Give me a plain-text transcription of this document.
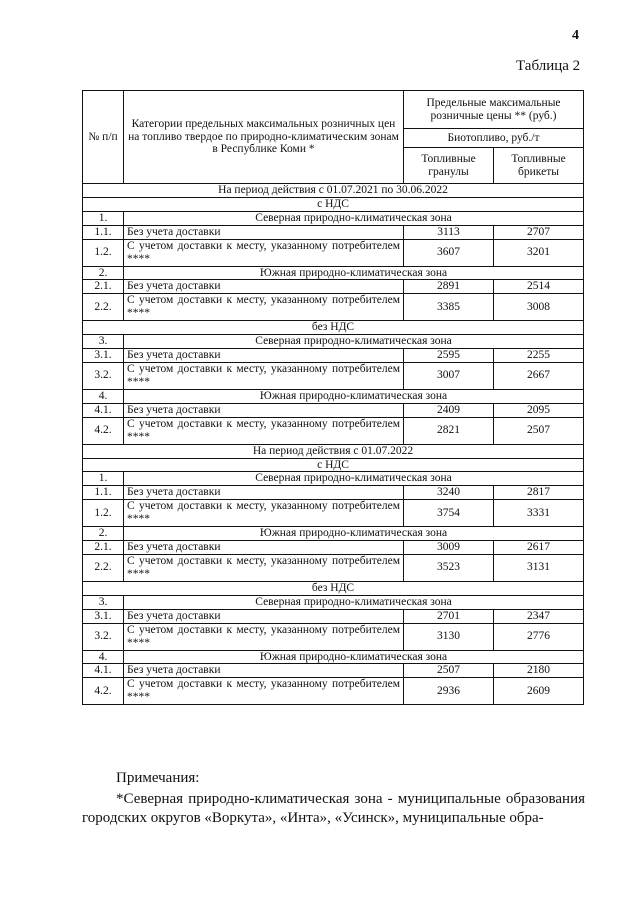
4
Таблица 2
№ п/п	Категории предельных максимальных розничных цен на топливо твердое по природно-климатическим зонам в Республике Коми *	Предельные максимальные розничные цены ** (руб.)	
		Биотопливо, руб./т	
		Топливные гранулы	Топливные брикеты
На период действия с 01.07.2021 по 30.06.2022			
с НДС			
1.	Северная природно-климатическая зона		
1.1.	Без учета доставки	3113	2707
1.2.	С учетом доставки к месту, указанному потребителем ****	3607	3201
2.	Южная природно-климатическая зона		
2.1.	Без учета доставки	2891	2514
2.2.	С учетом доставки к месту, указанному потребителем ****	3385	3008
без НДС			
3.	Северная природно-климатическая зона		
3.1.	Без учета доставки	2595	2255
3.2.	С учетом доставки к месту, указанному потребителем ****	3007	2667
4.	Южная природно-климатическая зона		
4.1.	Без учета доставки	2409	2095
4.2.	С учетом доставки к месту, указанному потребителем ****	2821	2507
На период действия с 01.07.2022			
с НДС			
1.	Северная природно-климатическая зона		
1.1.	Без учета доставки	3240	2817
1.2.	С учетом доставки к месту, указанному потребителем ****	3754	3331
2.	Южная природно-климатическая зона		
2.1.	Без учета доставки	3009	2617
2.2.	С учетом доставки к месту, указанному потребителем ****	3523	3131
без НДС			
3.	Северная природно-климатическая зона		
3.1.	Без учета доставки	2701	2347
3.2.	С учетом доставки к месту, указанному потребителем ****	3130	2776
4.	Южная природно-климатическая зона		
4.1.	Без учета доставки	2507	2180
4.2.	С учетом доставки к месту, указанному потребителем ****	2936	2609
Примечания:
*Северная природно-климатическая зона - муниципальные образования городских округов «Воркута», «Инта», «Усинск», муниципальные обра-
